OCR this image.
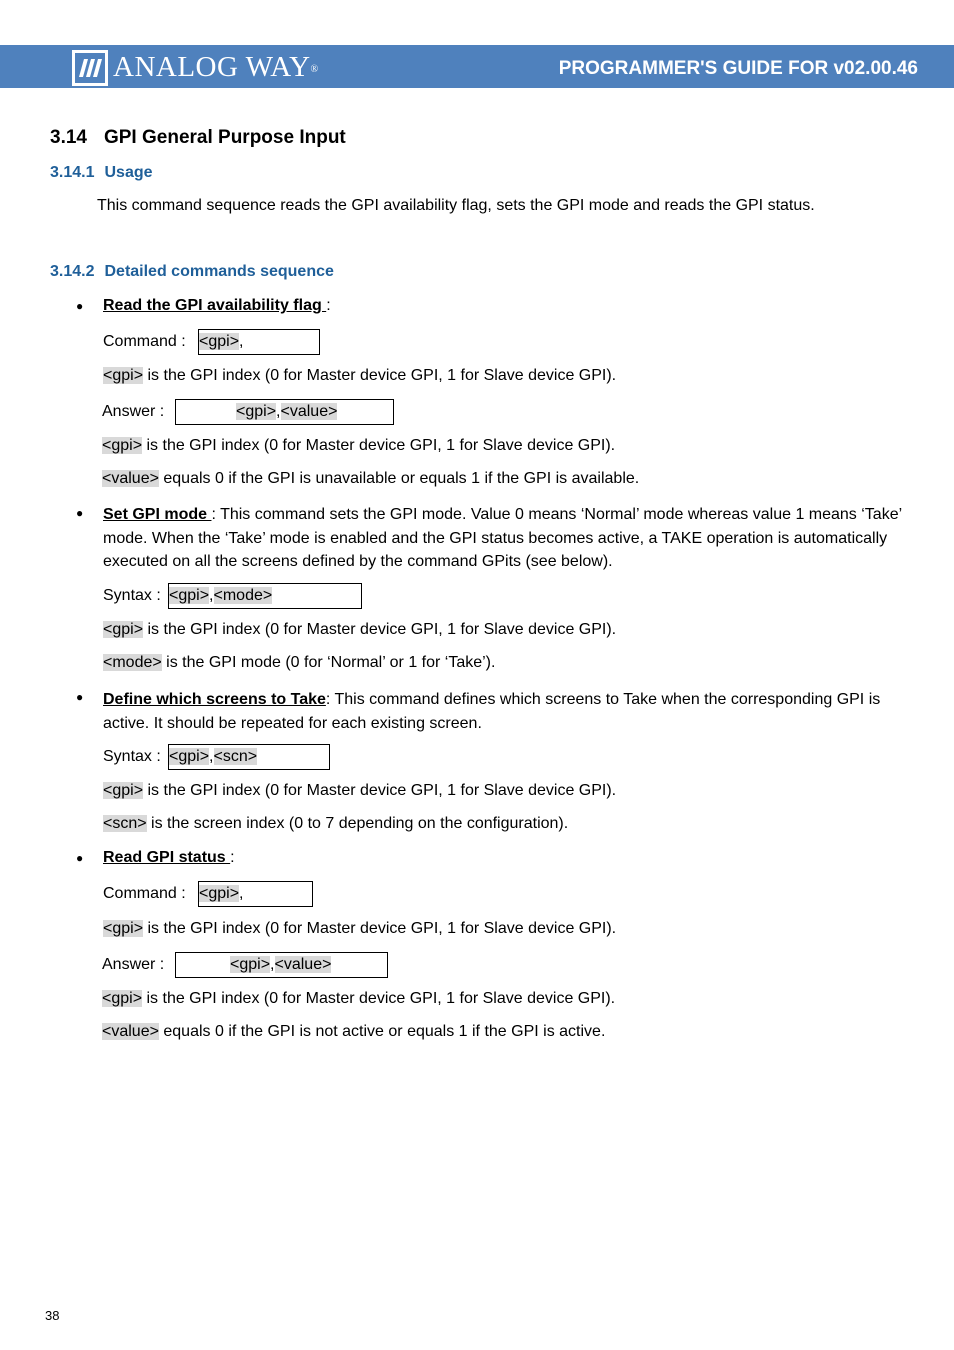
ANALOG WAY®	PROGRAMMER'S GUIDE FOR v02.00.46
3.14 GPI General Purpose Input
3.14.1 Usage
This command sequence reads the GPI availability flag, sets the GPI mode and reads the GPI status.
3.14.2 Detailed commands sequence
● Read the GPI availability flag :
Command : <gpi>,
<gpi> is the GPI index (0 for Master device GPI, 1 for Slave device GPI).
Answer :	<gpi>,<value>
<gpi> is the GPI index (0 for Master device GPI, 1 for Slave device GPI).
<value> equals 0 if the GPI is unavailable or equals 1 if the GPI is available.
● Set GPI mode : This command sets the GPI mode. Value 0 means ‘Normal’ mode whereas value 1 means ‘Take’ mode. When the ‘Take’ mode is enabled and the GPI status becomes active, a TAKE operation is automatically executed on all the screens defined by the command GPits (see below).
Syntax : <gpi>,<mode>
<gpi> is the GPI index (0 for Master device GPI, 1 for Slave device GPI).
<mode> is the GPI mode (0 for ‘Normal’ or 1 for ‘Take’).
● Define which screens to Take: This command defines which screens to Take when the corresponding GPI is active. It should be repeated for each existing screen.
Syntax : <gpi>,<scn>
<gpi> is the GPI index (0 for Master device GPI, 1 for Slave device GPI).
<scn> is the screen index (0 to 7 depending on the configuration).
● Read GPI status :
Command : <gpi>,
<gpi> is the GPI index (0 for Master device GPI, 1 for Slave device GPI).
Answer :	<gpi>,<value>
<gpi> is the GPI index (0 for Master device GPI, 1 for Slave device GPI).
<value> equals 0 if the GPI is not active or equals 1 if the GPI is active.
38
